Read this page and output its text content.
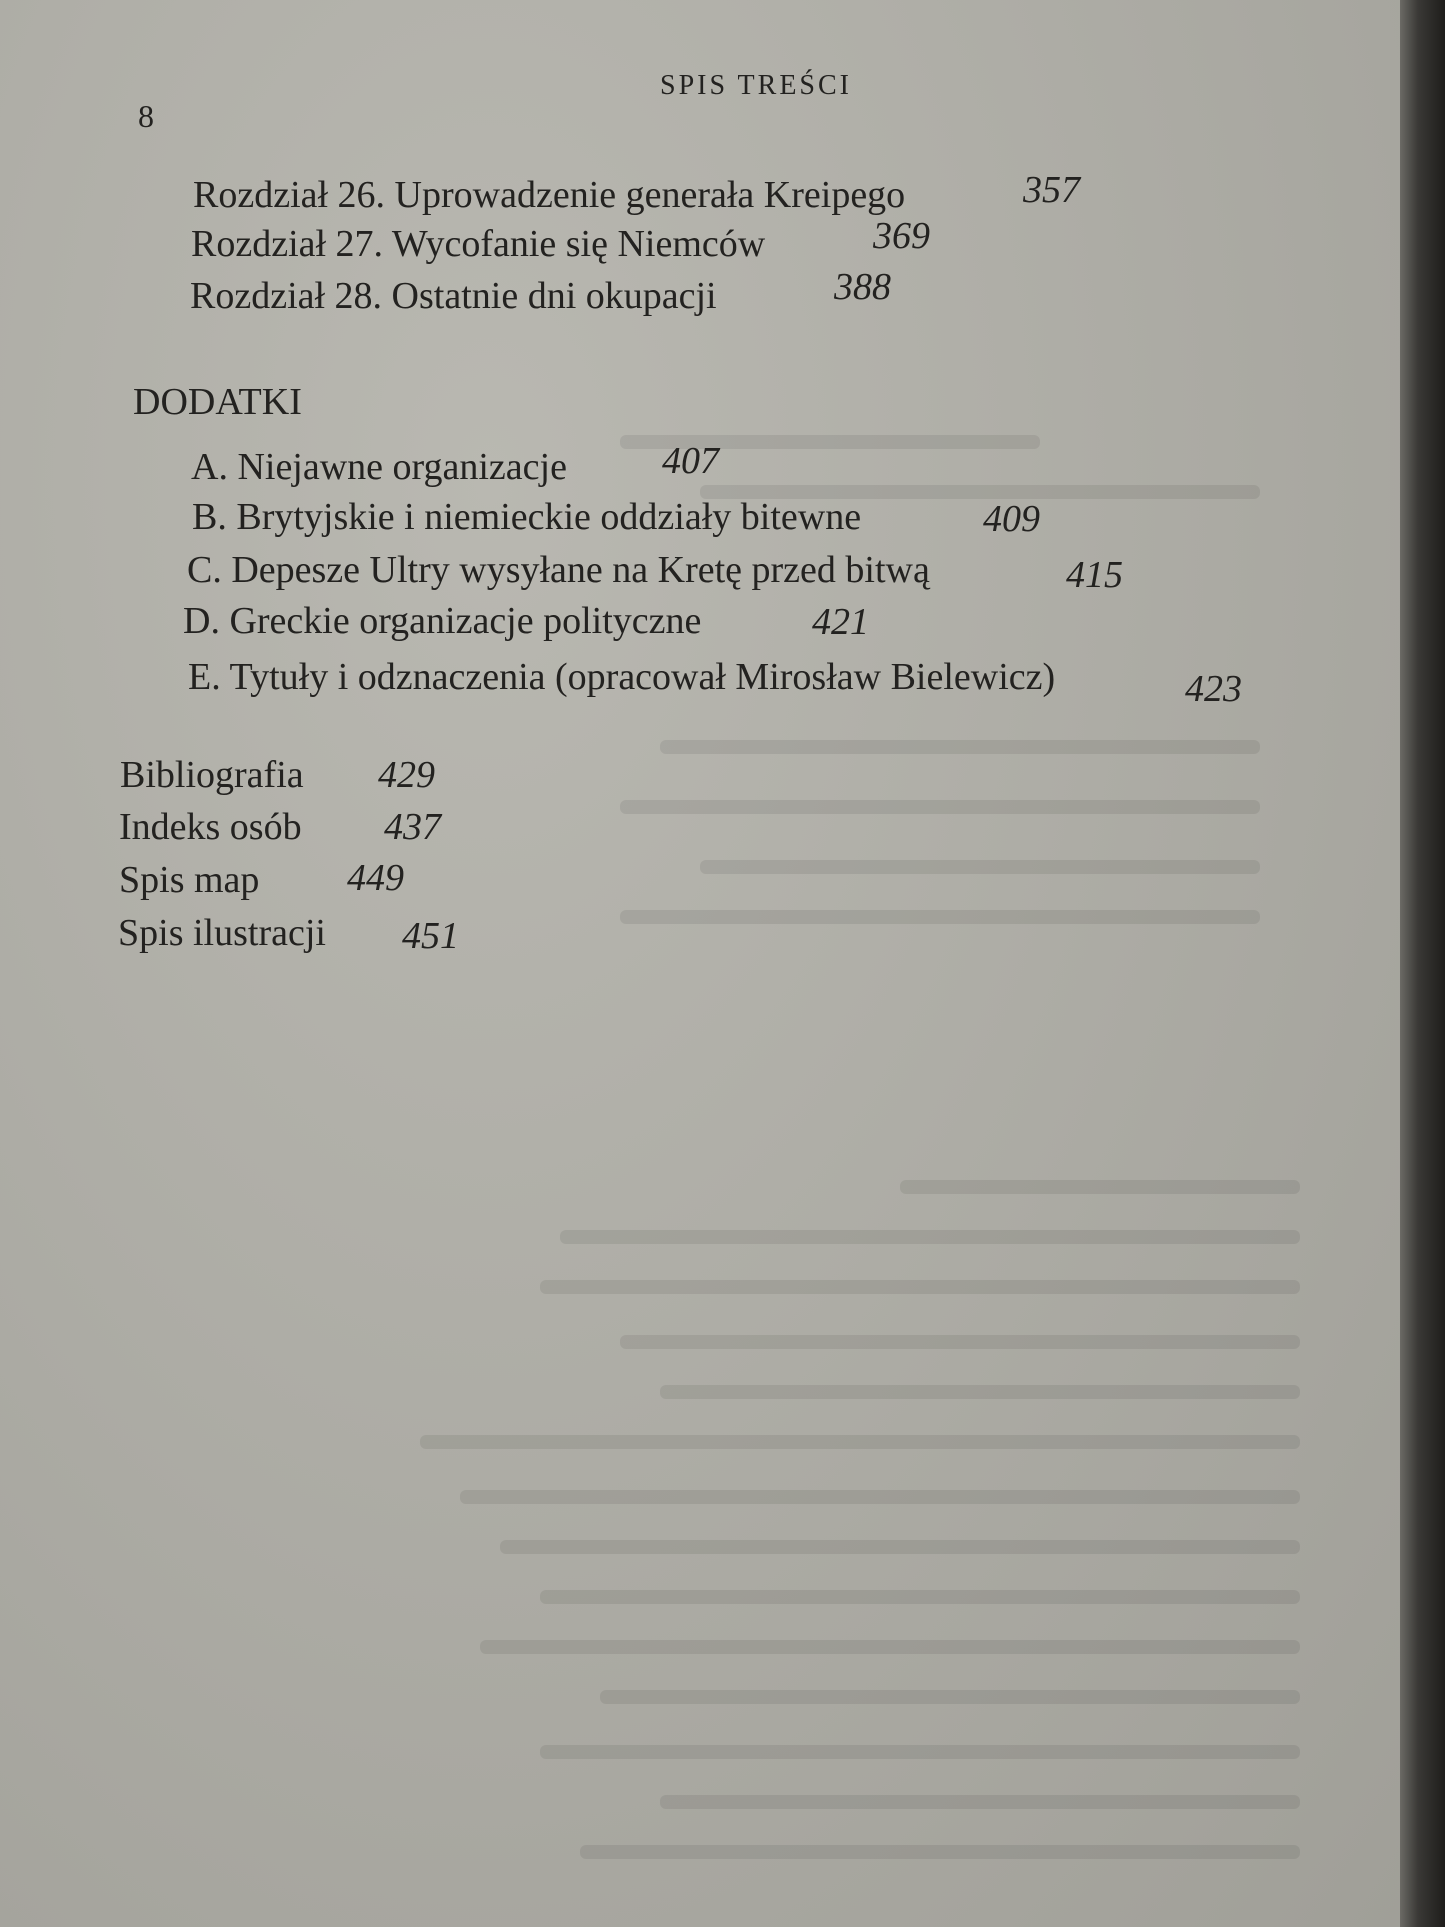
8
SPIS TREŚCI
Rozdział 26. Uprowadzenie generała Kreipego	357
Rozdział 27. Wycofanie się Niemców	369
Rozdział 28. Ostatnie dni okupacji	388
DODATKI
A. Niejawne organizacje	407
B. Brytyjskie i niemieckie oddziały bitewne	409
C. Depesze Ultry wysyłane na Kretę przed bitwą	415
D. Greckie organizacje polityczne	421
E. Tytuły i odznaczenia (opracował Mirosław Bielewicz)	423
Bibliografia 429
Indeks osób 437
Spis map 449
Spis ilustracji 451
